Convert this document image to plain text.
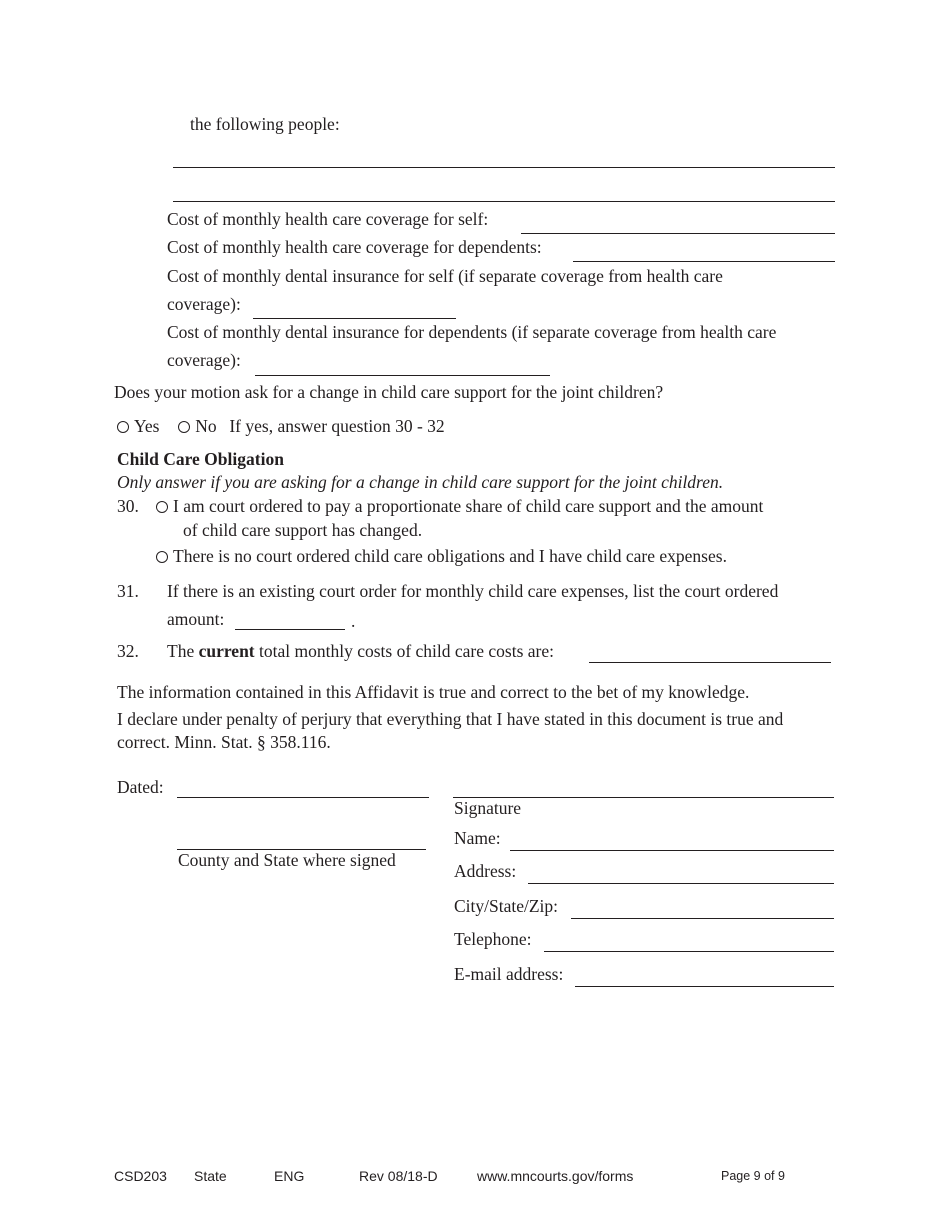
the following people:
Cost of monthly health care coverage for self:
Cost of monthly health care coverage for dependents:
Cost of monthly dental insurance for self (if separate coverage from health care
coverage):
Cost of monthly dental insurance for dependents (if separate coverage from health care
coverage):
Does your motion ask for a change in child care support for the joint children?
Yes No If yes, answer question 30 - 32
Child Care Obligation
Only answer if you are asking for a change in child care support for the joint children.
30.	I am court ordered to pay a proportionate share of child care support and the amount
of child care support has changed.
There is no court ordered child care obligations and I have child care expenses.
31. If there is an existing court order for monthly child care expenses, list the court ordered
amount:	.
32. The current total monthly costs of child care costs are:
The information contained in this Affidavit is true and correct to the bet of my knowledge.
I declare under penalty of perjury that everything that I have stated in this document is true and
correct. Minn. Stat. § 358.116.
Dated:
Signature
County and State where signed
Name:
Address:
City/State/Zip:
Telephone:
E-mail address:
CSD203 State	ENG	Rev 08/18-D	www.mncourts.gov/forms	Page 9 of 9
